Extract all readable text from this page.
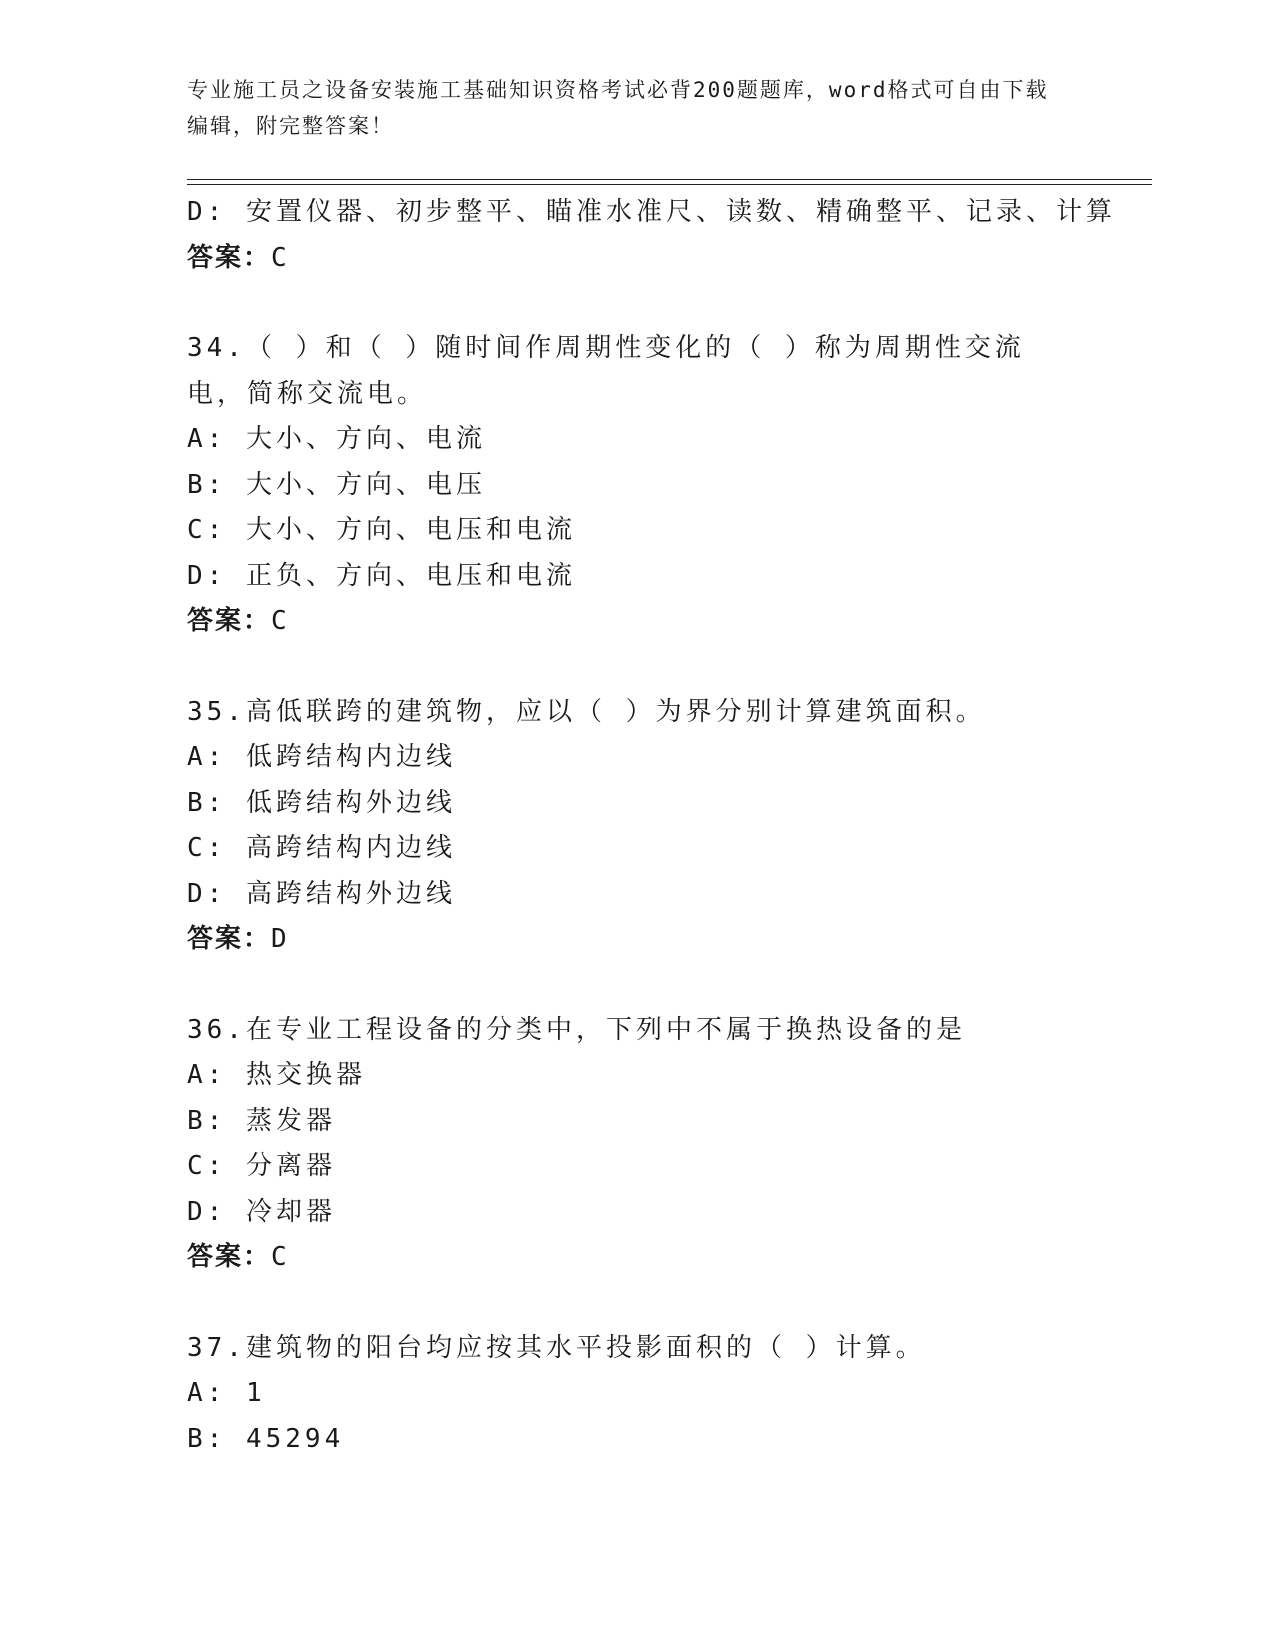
专业施工员之设备安装施工基础知识资格考试必背200题题库，word格式可自由下载编辑，附完整答案！
D: 安置仪器、初步整平、瞄准水准尺、读数、精确整平、记录、计算
答案：C
34.（ ）和（ ）随时间作周期性变化的（ ）称为周期性交流电，简称交流电。
A: 大小、方向、电流
B: 大小、方向、电压
C: 大小、方向、电压和电流
D: 正负、方向、电压和电流
答案：C
35.高低联跨的建筑物，应以（ ）为界分别计算建筑面积。
A: 低跨结构内边线
B: 低跨结构外边线
C: 高跨结构内边线
D: 高跨结构外边线
答案：D
36.在专业工程设备的分类中，下列中不属于换热设备的是
A: 热交换器
B: 蒸发器
C: 分离器
D: 冷却器
答案：C
37.建筑物的阳台均应按其水平投影面积的（ ）计算。
A: 1
B: 45294
